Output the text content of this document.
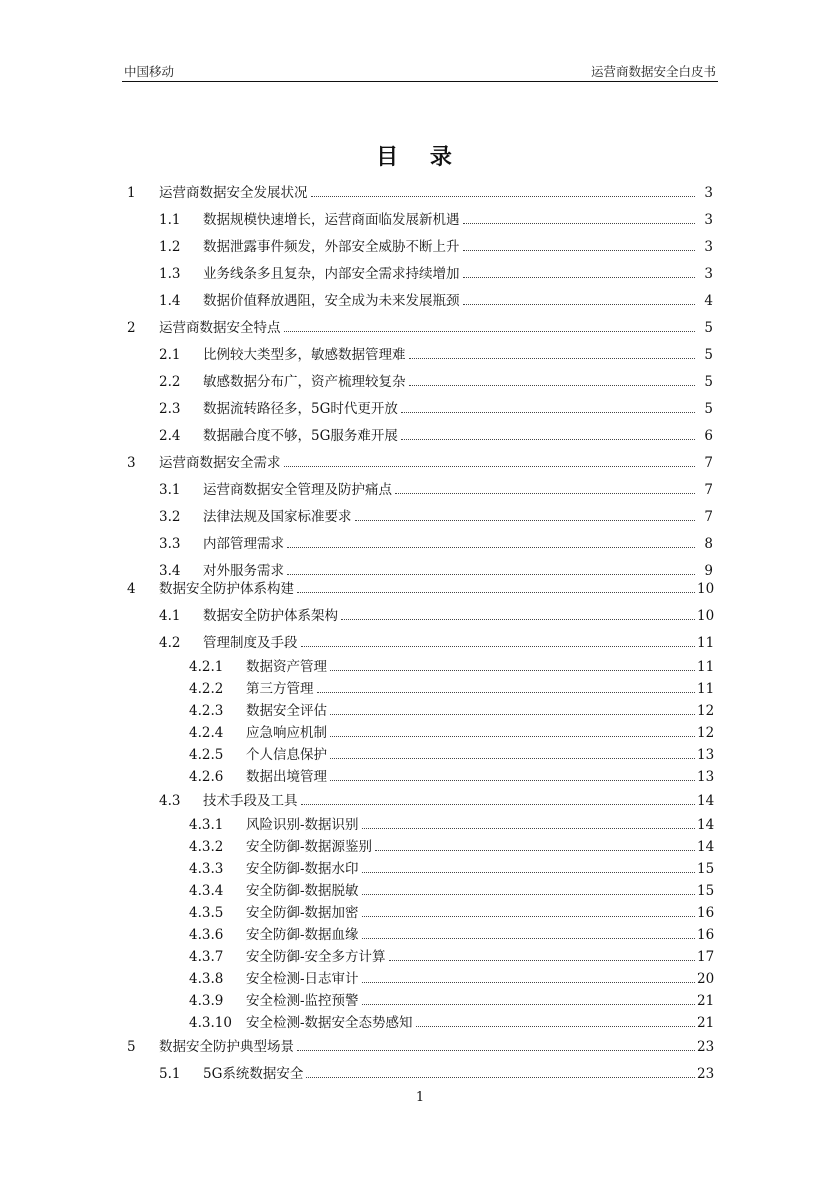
中国移动	运营商数据安全白皮书
目 录
1 运营商数据安全发展状况	3
1.1 数据规模快速增长，运营商面临发展新机遇	3
1.2 数据泄露事件频发，外部安全威胁不断上升	3
1.3 业务线条多且复杂，内部安全需求持续增加	3
1.4 数据价值释放遇阻，安全成为未来发展瓶颈	4
2 运营商数据安全特点	5
2.1 比例较大类型多，敏感数据管理难	5
2.2 敏感数据分布广，资产梳理较复杂	5
2.3 数据流转路径多，5G时代更开放	5
2.4 数据融合度不够，5G服务难开展	6
3 运营商数据安全需求	7
3.1 运营商数据安全管理及防护痛点	7
3.2 法律法规及国家标准要求	7
3.3 内部管理需求	8
3.4 对外服务需求	9
4 数据安全防护体系构建	10
4.1 数据安全防护体系架构	10
4.2 管理制度及手段	11
4.2.1 数据资产管理	11
4.2.2 第三方管理	11
4.2.3 数据安全评估	12
4.2.4 应急响应机制	12
4.2.5 个人信息保护	13
4.2.6 数据出境管理	13
4.3 技术手段及工具	14
4.3.1 风险识别-数据识别	14
4.3.2 安全防御-数据源鉴别	14
4.3.3 安全防御-数据水印	15
4.3.4 安全防御-数据脱敏	15
4.3.5 安全防御-数据加密	16
4.3.6 安全防御-数据血缘	16
4.3.7 安全防御-安全多方计算	17
4.3.8 安全检测-日志审计	20
4.3.9 安全检测-监控预警	21
4.3.10 安全检测-数据安全态势感知	21
5 数据安全防护典型场景	23
5.1 5G系统数据安全	23
1
